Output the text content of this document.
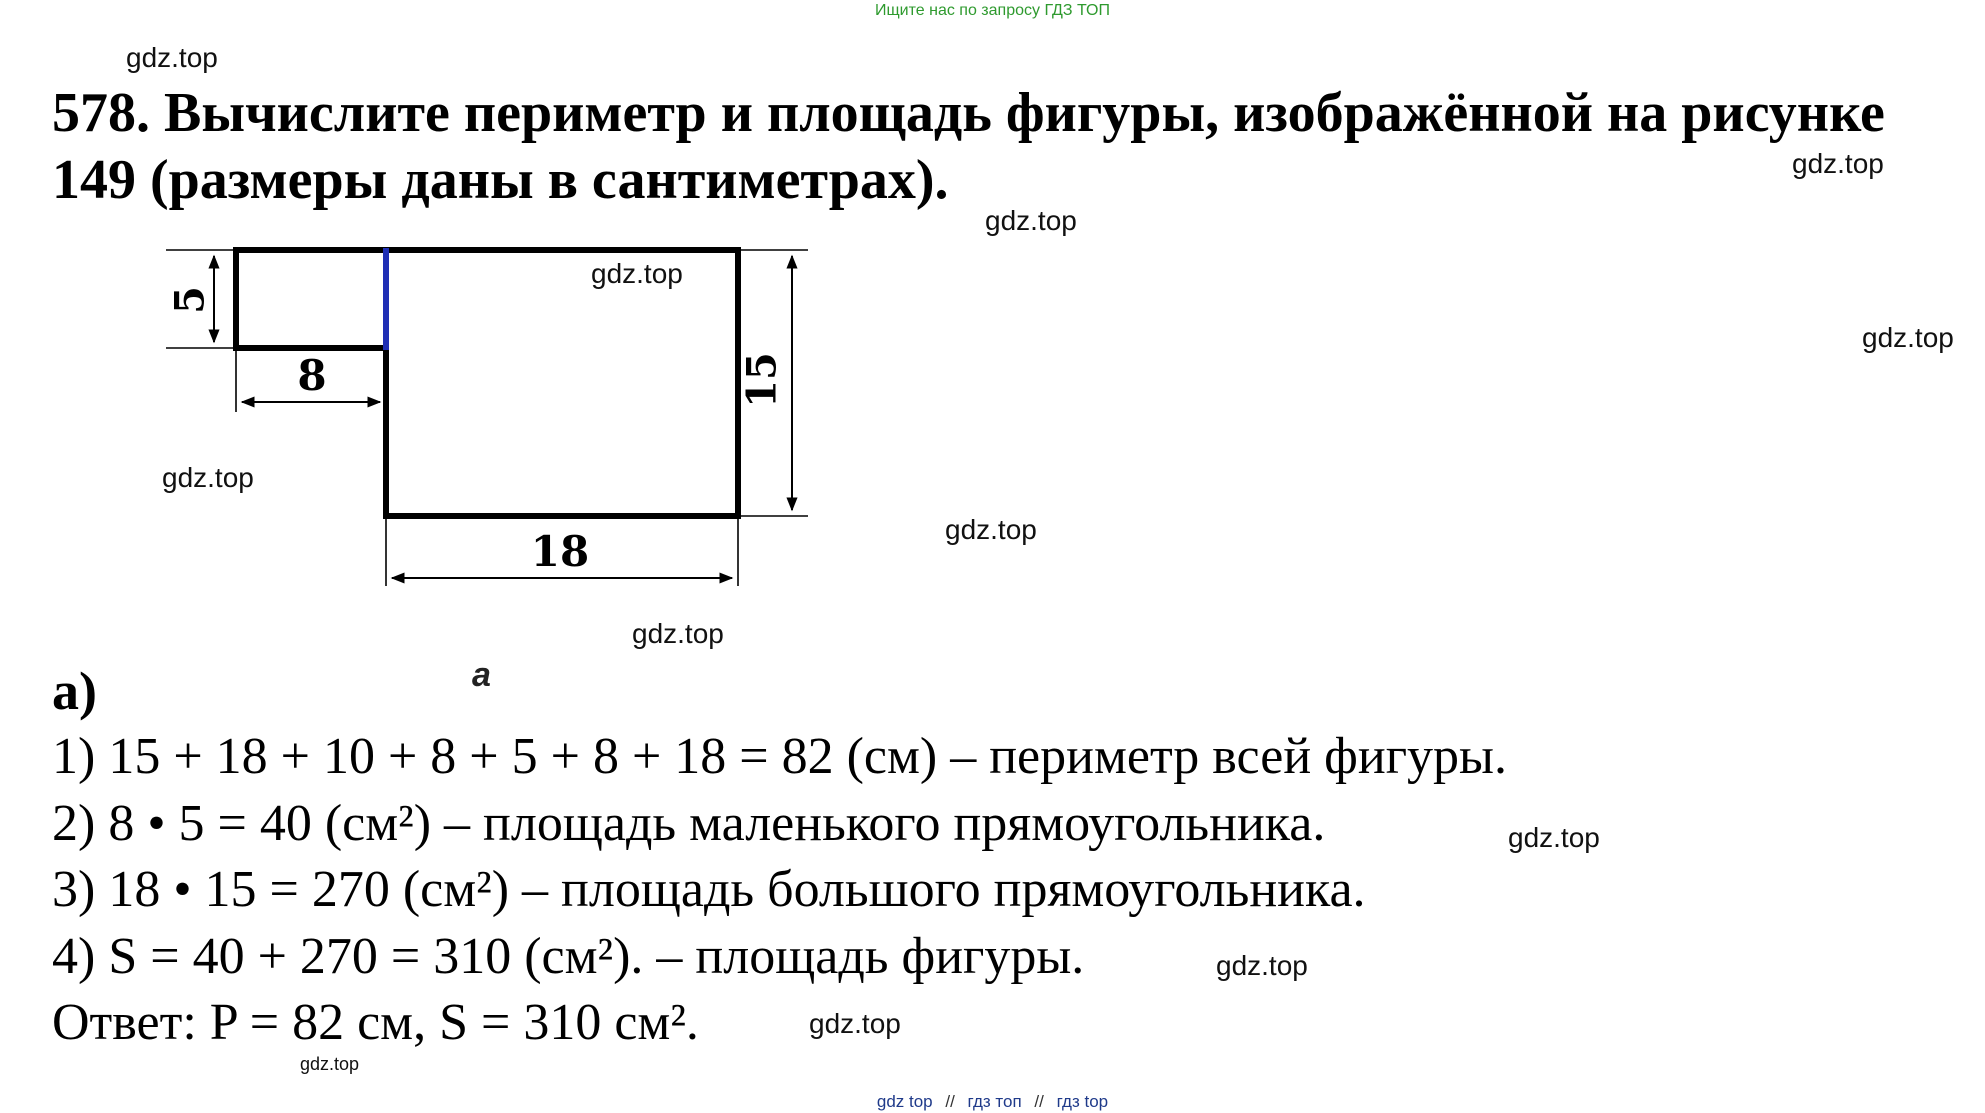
Ищите нас по запросу ГДЗ ТОП
578. Вычислите периметр и площадь фигуры, изображённой на рисунке
149 (размеры даны в сантиметрах).
5
8	15
18
а
а)
1) 15 + 18 + 10 + 8 + 5 + 8 + 18 = 82 (см) – периметр всей фигуры.
2) 8 • 5 = 40 (см²) – площадь маленького прямоугольника.
3) 18 • 15 = 270 (см²) – площадь большого прямоугольника.
4) S = 40 + 270 = 310 (см²). – площадь фигуры.
Ответ: P = 82 см, S = 310 см².
gdz.top
gdz.top
gdz.top
gdz.top
gdz.top
gdz.top
gdz.top
gdz.top
gdz.top
gdz.top
gdz.top
gdz.top
gdz top // гдз топ // гдз top
